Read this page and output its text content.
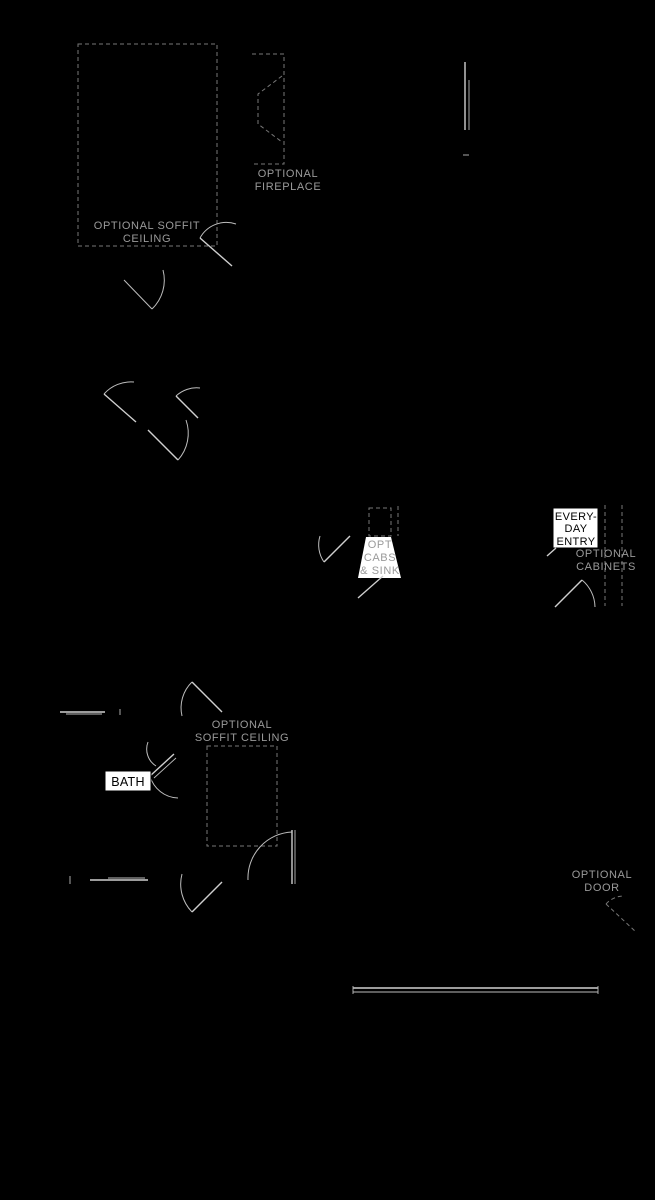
OPTIONAL SOFFIT
CEILING
OPTIONAL
FIREPLACE
OPT
CABS
& SINK
EVERY-
DAY
ENTRY
OPTIONAL
CABINETS
OPTIONAL
SOFFIT CEILING
BATH
OPTIONAL
DOOR
